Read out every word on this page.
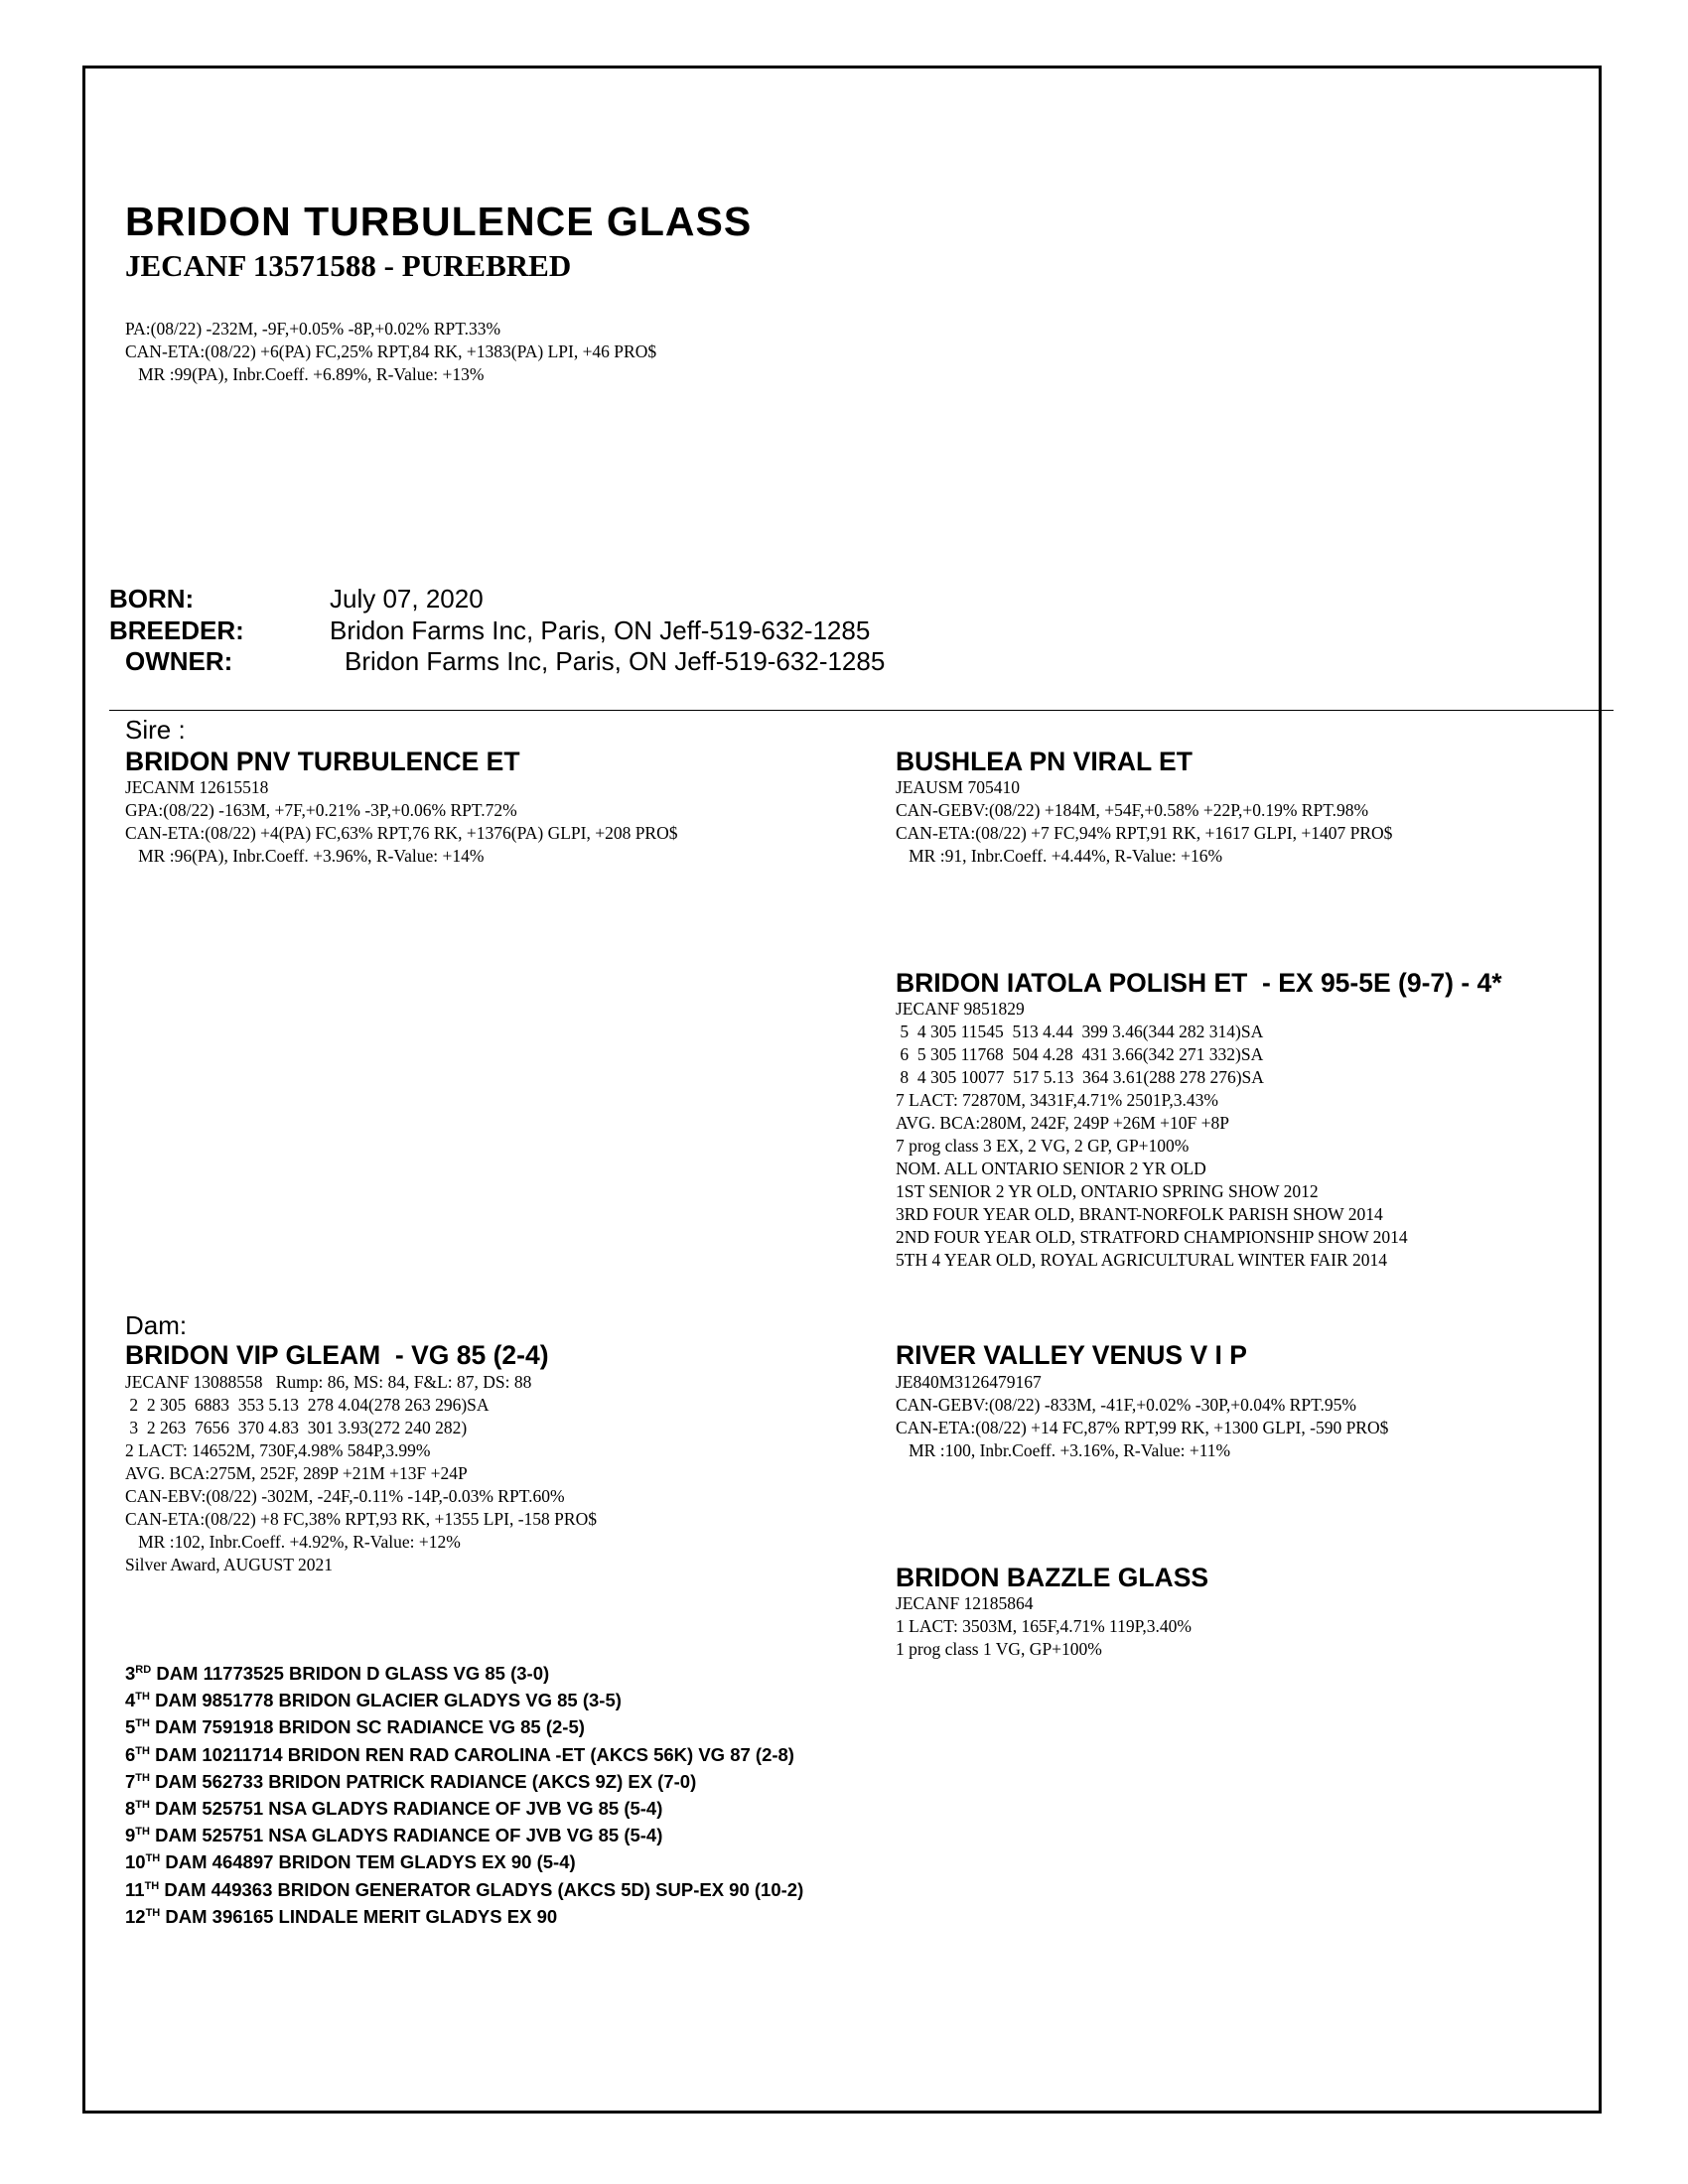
BRIDON TURBULENCE GLASS
JECANF 13571588 - PUREBRED
PA:(08/22) -232M, -9F,+0.05% -8P,+0.02% RPT.33%
CAN-ETA:(08/22) +6(PA) FC,25% RPT,84 RK, +1383(PA) LPI, +46 PRO$
MR :99(PA), Inbr.Coeff. +6.89%, R-Value: +13%
BORN:	July 07, 2020
BREEDER:	Bridon Farms Inc, Paris, ON Jeff-519-632-1285
OWNER:	Bridon Farms Inc, Paris, ON Jeff-519-632-1285
Sire :
BRIDON PNV TURBULENCE ET
JECANM 12615518
GPA:(08/22) -163M, +7F,+0.21% -3P,+0.06% RPT.72%
CAN-ETA:(08/22) +4(PA) FC,63% RPT,76 RK, +1376(PA) GLPI, +208 PRO$
MR :96(PA), Inbr.Coeff. +3.96%, R-Value: +14%
BUSHLEA PN VIRAL ET
JEAUSM 705410
CAN-GEBV:(08/22) +184M, +54F,+0.58% +22P,+0.19% RPT.98%
CAN-ETA:(08/22) +7 FC,94% RPT,91 RK, +1617 GLPI, +1407 PRO$
MR :91, Inbr.Coeff. +4.44%, R-Value: +16%
BRIDON IATOLA POLISH ET  - EX 95-5E (9-7) - 4*
JECANF 9851829
5  4 305 11545  513 4.44  399 3.46(344 282 314)SA
6  5 305 11768  504 4.28  431 3.66(342 271 332)SA
8  4 305 10077  517 5.13  364 3.61(288 278 276)SA
7 LACT: 72870M, 3431F,4.71% 2501P,3.43%
AVG. BCA:280M, 242F, 249P +26M +10F +8P
7 prog class 3 EX, 2 VG, 2 GP, GP+100%
NOM. ALL ONTARIO SENIOR 2 YR OLD
1ST SENIOR 2 YR OLD, ONTARIO SPRING SHOW 2012
3RD FOUR YEAR OLD, BRANT-NORFOLK PARISH SHOW 2014
2ND FOUR YEAR OLD, STRATFORD CHAMPIONSHIP SHOW 2014
5TH 4 YEAR OLD, ROYAL AGRICULTURAL WINTER FAIR 2014
Dam:
BRIDON VIP GLEAM  - VG 85 (2-4)
JECANF 13088558   Rump: 86, MS: 84, F&L: 87, DS: 88
2  2 305  6883  353 5.13  278 4.04(278 263 296)SA
3  2 263  7656  370 4.83  301 3.93(272 240 282)
2 LACT: 14652M, 730F,4.98% 584P,3.99%
AVG. BCA:275M, 252F, 289P +21M +13F +24P
CAN-EBV:(08/22) -302M, -24F,-0.11% -14P,-0.03% RPT.60%
CAN-ETA:(08/22) +8 FC,38% RPT,93 RK, +1355 LPI, -158 PRO$
MR :102, Inbr.Coeff. +4.92%, R-Value: +12%
Silver Award, AUGUST 2021
RIVER VALLEY VENUS V I P
JE840M3126479167
CAN-GEBV:(08/22) -833M, -41F,+0.02% -30P,+0.04% RPT.95%
CAN-ETA:(08/22) +14 FC,87% RPT,99 RK, +1300 GLPI, -590 PRO$
MR :100, Inbr.Coeff. +3.16%, R-Value: +11%
BRIDON BAZZLE GLASS
JECANF 12185864
1 LACT: 3503M, 165F,4.71% 119P,3.40%
1 prog class 1 VG, GP+100%
3RD DAM 11773525 BRIDON D GLASS VG 85 (3-0)
4TH DAM 9851778 BRIDON GLACIER GLADYS VG 85 (3-5)
5TH DAM 7591918 BRIDON SC RADIANCE VG 85 (2-5)
6TH DAM 10211714 BRIDON REN RAD CAROLINA -ET (AKCS 56K) VG 87 (2-8)
7TH DAM 562733 BRIDON PATRICK RADIANCE (AKCS 9Z) EX (7-0)
8TH DAM 525751 NSA GLADYS RADIANCE OF JVB VG 85 (5-4)
9TH DAM 525751 NSA GLADYS RADIANCE OF JVB VG 85 (5-4)
10TH DAM 464897 BRIDON TEM GLADYS EX 90 (5-4)
11TH DAM 449363 BRIDON GENERATOR GLADYS (AKCS 5D) SUP-EX 90 (10-2)
12TH DAM 396165 LINDALE MERIT GLADYS EX 90
